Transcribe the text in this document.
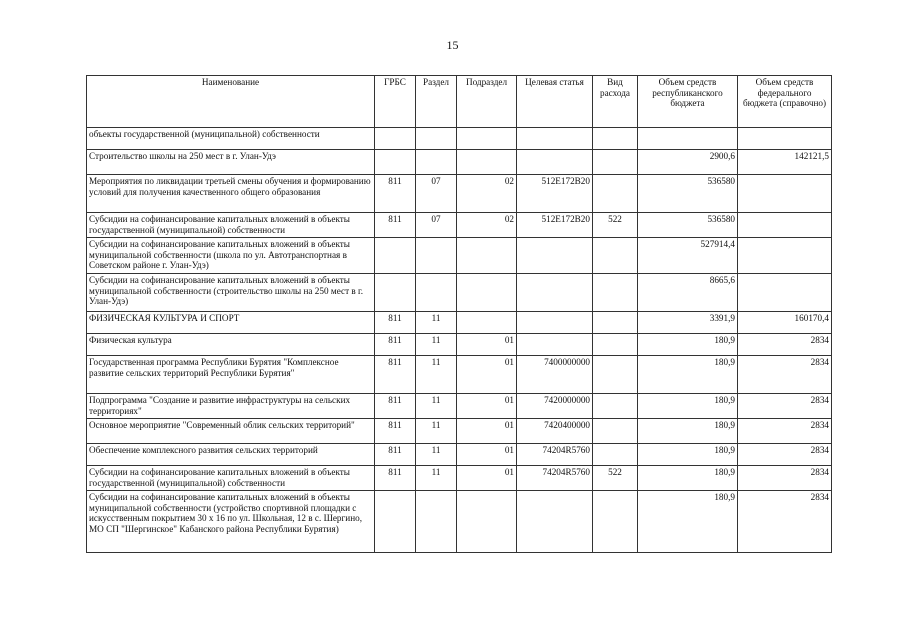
15
Наименование	ГРБС	Раздел	Подраздел	Целевая статья	Вид расхода	Объем средств республиканского бюджета	Объем средств федерального бюджета (справочно)
объекты государственной (муниципальной) собственности							
Строительство школы на 250 мест в г. Улан-Удэ						2900,6	142121,5
Мероприятия по ликвидации третьей смены обучения и формированию условий для получения качественного общего образования	811	07	02	512E172B20		536580	
Субсидии на софинансирование капитальных вложений в объекты государственной (муниципальной) собственности	811	07	02	512E172B20	522	536580	
Субсидии на софинансирование капитальных вложений в объекты муниципальной собственности (школа по ул. Автотранспортная в Советском районе г. Улан-Удэ)						527914,4	
Субсидии на софинансирование капитальных вложений в объекты муниципальной собственности (строительство школы на 250 мест в г. Улан-Удэ)						8665,6	
ФИЗИЧЕСКАЯ КУЛЬТУРА И СПОРТ	811	11				3391,9	160170,4
Физическая культура	811	11	01			180,9	2834
Государственная программа Республики Бурятия "Комплексное развитие сельских территорий Республики Бурятия"	811	11	01	7400000000		180,9	2834
Подпрограмма "Создание и развитие инфраструктуры на сельских территориях"	811	11	01	7420000000		180,9	2834
Основное мероприятие "Современный облик сельских территорий"	811	11	01	7420400000		180,9	2834
Обеспечение комплексного развития сельских территорий	811	11	01	74204R5760		180,9	2834
Субсидии на софинансирование капитальных вложений в объекты государственной (муниципальной) собственности	811	11	01	74204R5760	522	180,9	2834
Субсидии на софинансирование капитальных вложений в объекты муниципальной собственности (устройство спортивной площадки с искусственным покрытием 30 x 16 по ул. Школьная, 12 в с. Шергино, МО СП "Шергинское" Кабанского района Республики Бурятия)						180,9	2834
